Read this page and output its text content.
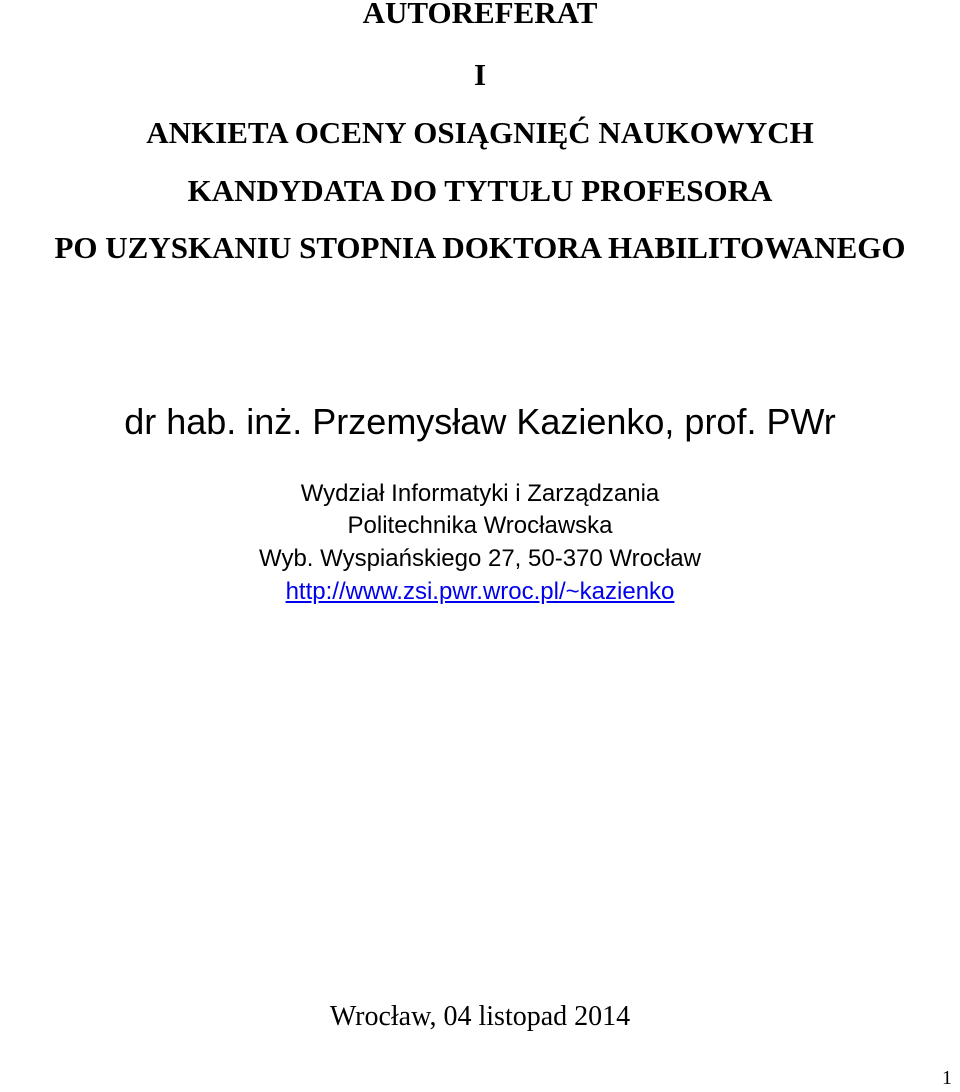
AUTOREFERAT
I
ANKIETA OCENY OSIĄGNIĘĆ NAUKOWYCH
KANDYDATA DO TYTUŁU PROFESORA
PO UZYSKANIU STOPNIA DOKTORA HABILITOWANEGO
dr hab. inż. Przemysław Kazienko, prof. PWr
Wydział Informatyki i Zarządzania
Politechnika Wrocławska
Wyb. Wyspiańskiego 27, 50-370 Wrocław
http://www.zsi.pwr.wroc.pl/~kazienko
Wrocław, 04 listopad 2014
1
